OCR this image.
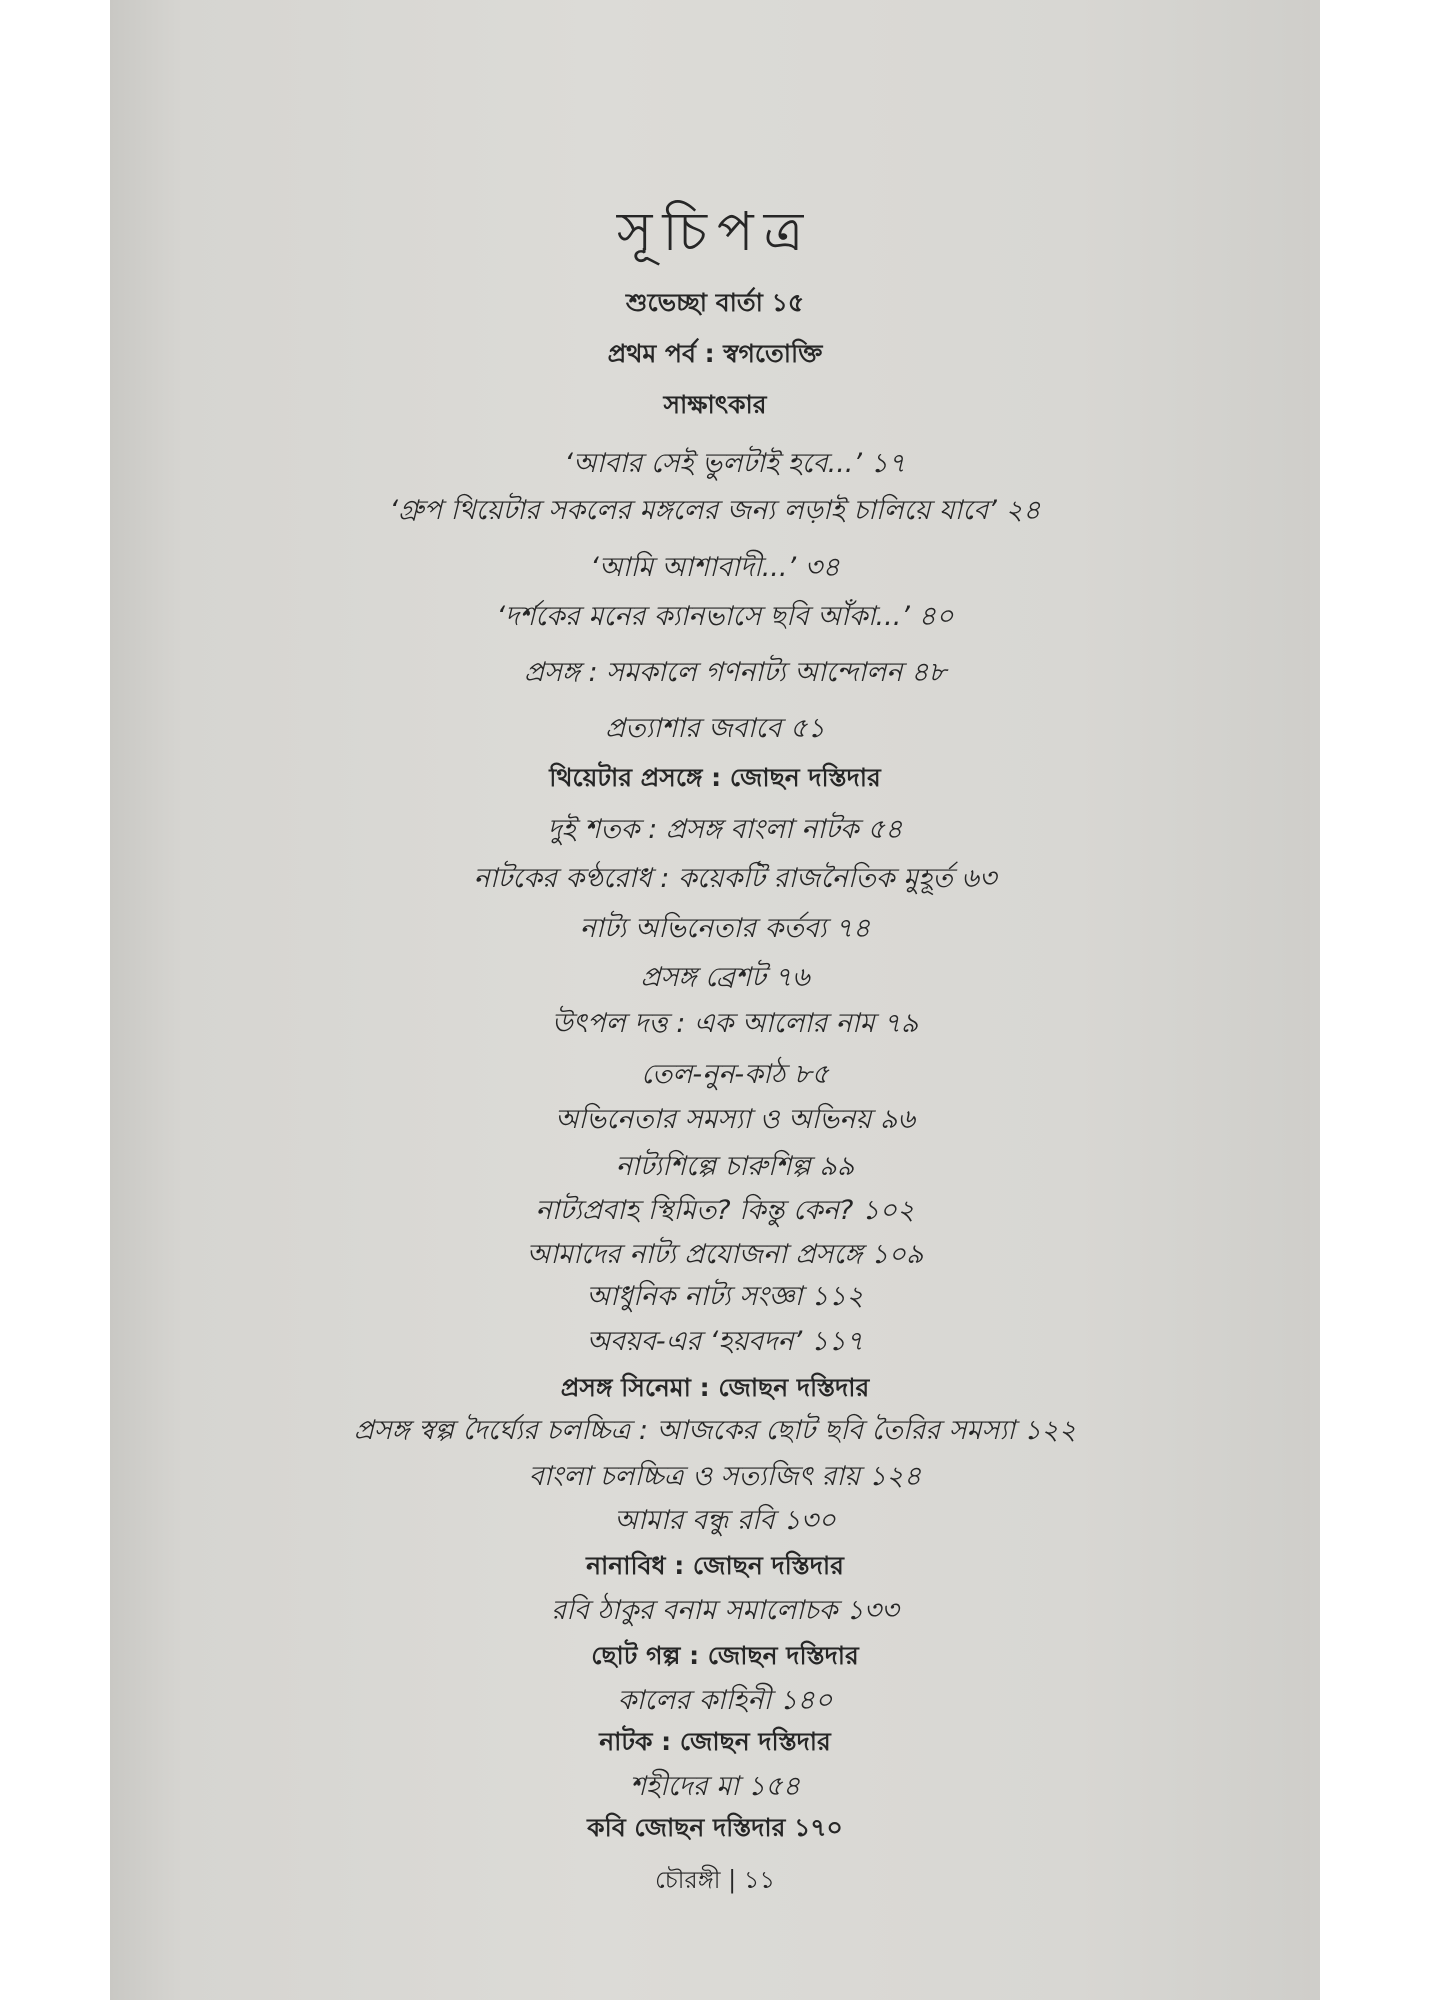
সূচিপত্র
শুভেচ্ছা বার্তা ১৫
প্রথম পর্ব : স্বগতোক্তি
সাক্ষাৎকার
‘আবার সেই ভুলটাই হবে...’ ১৭
‘গ্রুপ থিয়েটার সকলের মঙ্গলের জন্য লড়াই চালিয়ে যাবে’ ২৪
‘আমি আশাবাদী...’ ৩৪
‘দর্শকের মনের ক্যানভাসে ছবি আঁকা...’ ৪০
প্রসঙ্গ : সমকালে গণনাট্য আন্দোলন ৪৮
প্রত্যাশার জবাবে ৫১
থিয়েটার প্রসঙ্গে : জোছন দস্তিদার
দুই শতক : প্রসঙ্গ বাংলা নাটক ৫৪
নাটকের কণ্ঠরোধ : কয়েকটি রাজনৈতিক মুহূর্ত ৬৩
নাট্য অভিনেতার কর্তব্য ৭৪
প্রসঙ্গ ব্রেশট ৭৬
উৎপল দত্ত : এক আলোর নাম ৭৯
তেল-নুন-কাঠ ৮৫
অভিনেতার সমস্যা ও অভিনয় ৯৬
নাট্যশিল্পে চারুশিল্প ৯৯
নাট্যপ্রবাহ স্থিমিত? কিন্তু কেন? ১০২
আমাদের নাট্য প্রযোজনা প্রসঙ্গে ১০৯
আধুনিক নাট্য সংজ্ঞা ১১২
অবয়ব-এর ‘হয়বদন’ ১১৭
প্রসঙ্গ সিনেমা : জোছন দস্তিদার
প্রসঙ্গ স্বল্প দৈর্ঘ্যের চলচ্চিত্র : আজকের ছোট ছবি তৈরির সমস্যা ১২২
বাংলা চলচ্চিত্র ও সত্যজিৎ রায় ১২৪
আমার বন্ধু রবি ১৩০
নানাবিধ : জোছন দস্তিদার
রবি ঠাকুর বনাম সমালোচক ১৩৩
ছোট গল্প : জোছন দস্তিদার
কালের কাহিনী ১৪০
নাটক : জোছন দস্তিদার
শহীদের মা ১৫৪
কবি জোছন দস্তিদার ১৭০
চৌরঙ্গী | ১১
